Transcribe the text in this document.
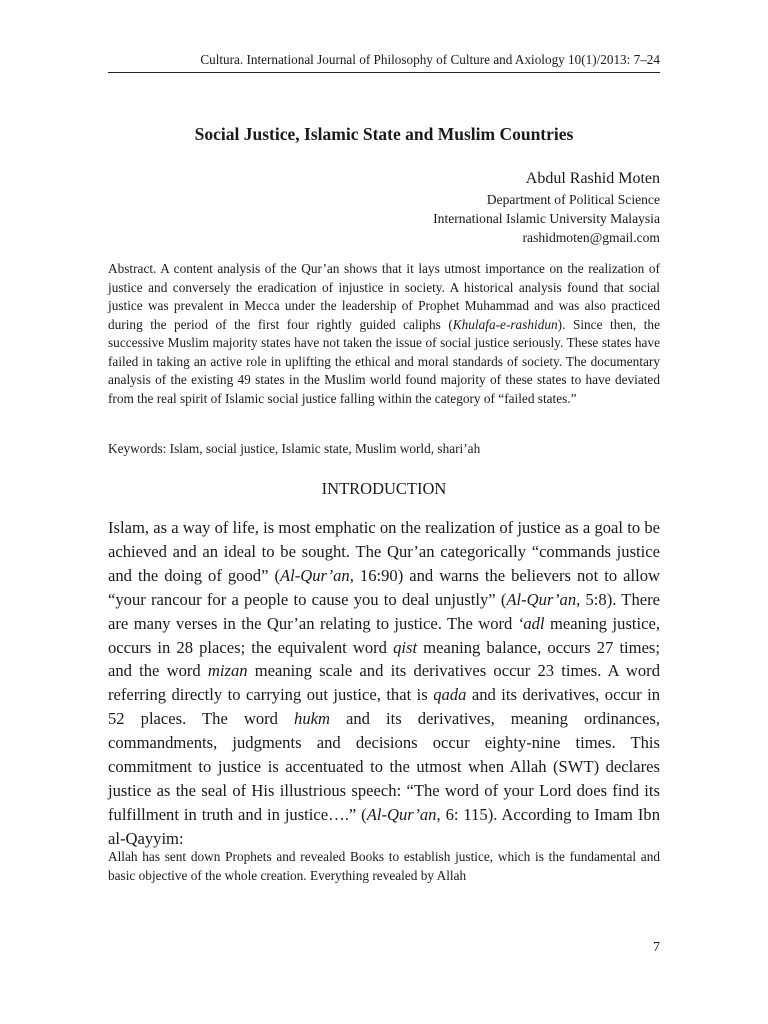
Cultura. International Journal of Philosophy of Culture and Axiology 10(1)/2013: 7–24
Social Justice, Islamic State and Muslim Countries
Abdul Rashid Moten
Department of Political Science
International Islamic University Malaysia
rashidmoten@gmail.com

Abstract. A content analysis of the Qur’an shows that it lays utmost importance on the realization of justice and conversely the eradication of injustice in society. A historical analysis found that social justice was prevalent in Mecca under the leadership of Prophet Muhammad and was also practiced during the period of the first four rightly guided caliphs (Khulafa-e-rashidun). Since then, the successive Muslim majority states have not taken the issue of social justice seriously. These states have failed in taking an active role in uplifting the ethical and moral standards of society. The documentary analysis of the existing 49 states in the Muslim world found majority of these states to have deviated from the real spirit of Islamic social justice falling within the category of “failed states.”

Keywords: Islam, social justice, Islamic state, Muslim world, shari’ah

INTRODUCTION

Islam, as a way of life, is most emphatic on the realization of justice as a goal to be achieved and an ideal to be sought. The Qur’an categorically “commands justice and the doing of good” (Al-Qur’an, 16:90) and warns the believers not to allow “your rancour for a people to cause you to deal unjustly” (Al-Qur’an, 5:8). There are many verses in the Qur’an relating to justice. The word ‘adl meaning justice, occurs in 28 places; the equivalent word qist meaning balance, occurs 27 times; and the word mizan meaning scale and its derivatives occur 23 times. A word referring directly to carrying out justice, that is qada and its derivatives, occur in 52 places. The word hukm and its derivatives, meaning ordinances, commandments, judgments and decisions occur eighty-nine times. This commitment to justice is accentuated to the utmost when Allah (SWT) declares justice as the seal of His illustrious speech: “The word of your Lord does find its fulfillment in truth and in justice….” (Al-Qur’an, 6: 115). According to Imam Ibn al-Qayyim:

Allah has sent down Prophets and revealed Books to establish justice, which is the fundamental and basic objective of the whole creation. Everything revealed by Allah

7
